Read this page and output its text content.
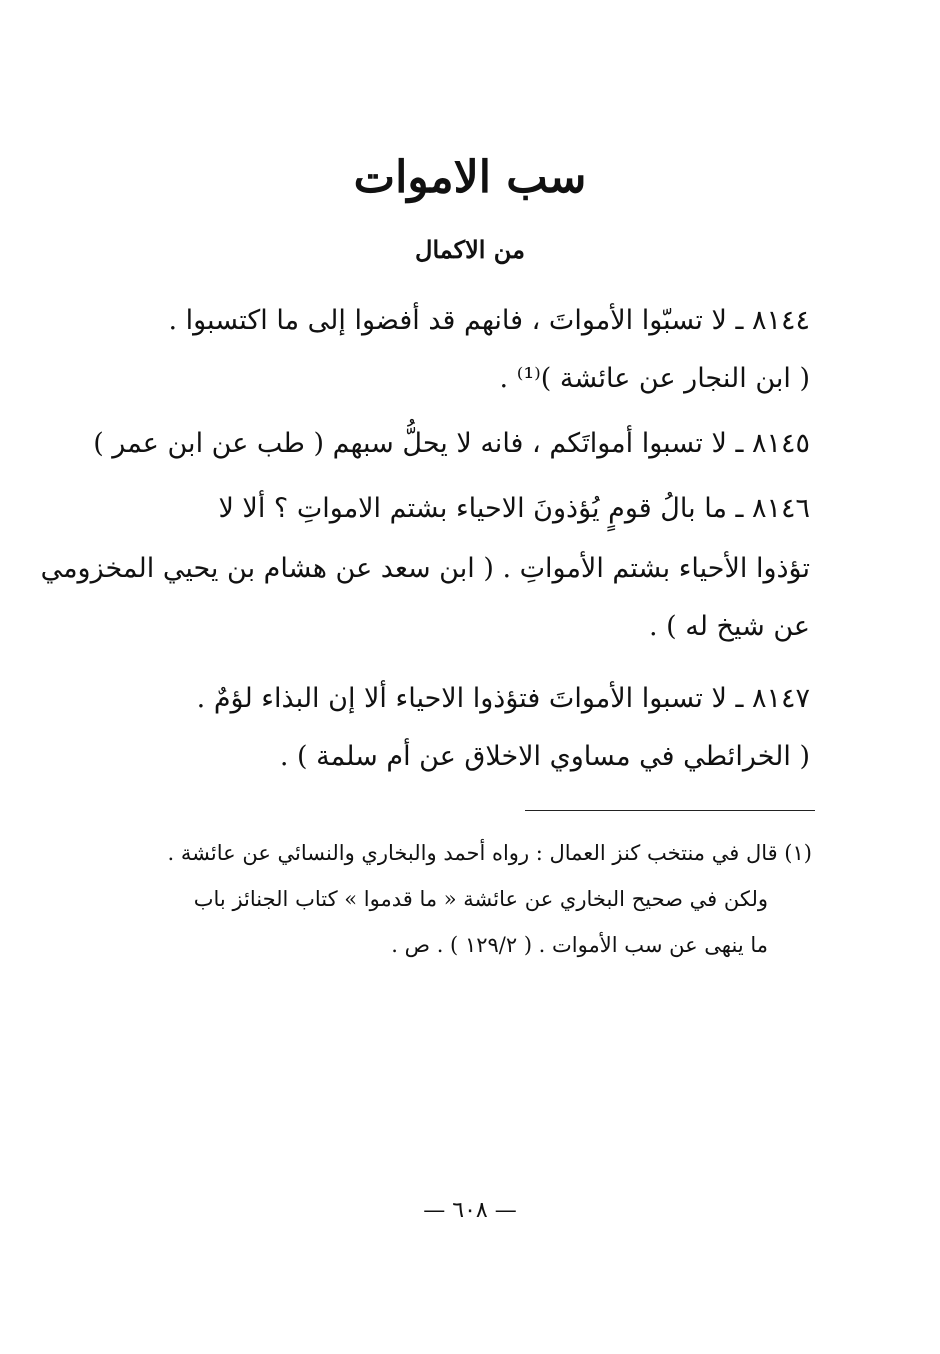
سب الاموات
من الاكمال
٨١٤٤ ـ لا تسبّوا الأمواتَ ، فانهم قد أفضوا إلى ما اكتسبوا .
( ابن النجار عن عائشة )⁽¹⁾ .
٨١٤٥ ـ لا تسبوا أمواتَكم ، فانه لا يحلُّ سبهم ( طب عن ابن عمر )
٨١٤٦ ـ ما بالُ قومٍ يُؤذونَ الاحياء بشتم الامواتِ ؟ ألا لا
تؤذوا الأحياء بشتم الأمواتِ . ( ابن سعد عن هشام بن يحيي المخزومي
عن شيخ له ) .
٨١٤٧ ـ لا تسبوا الأمواتَ فتؤذوا الاحياء ألا إن البذاء لؤمٌ .
( الخرائطي في مساوي الاخلاق عن أم سلمة ) .
(١) قال في منتخب كنز العمال : رواه أحمد والبخاري والنسائي عن عائشة .
ولكن في صحيح البخاري عن عائشة « ما قدموا » كتاب الجنائز باب
ما ينهى عن سب الأموات . ( ١٢٩/٢ ) . ص .
— ٦٠٨ —
